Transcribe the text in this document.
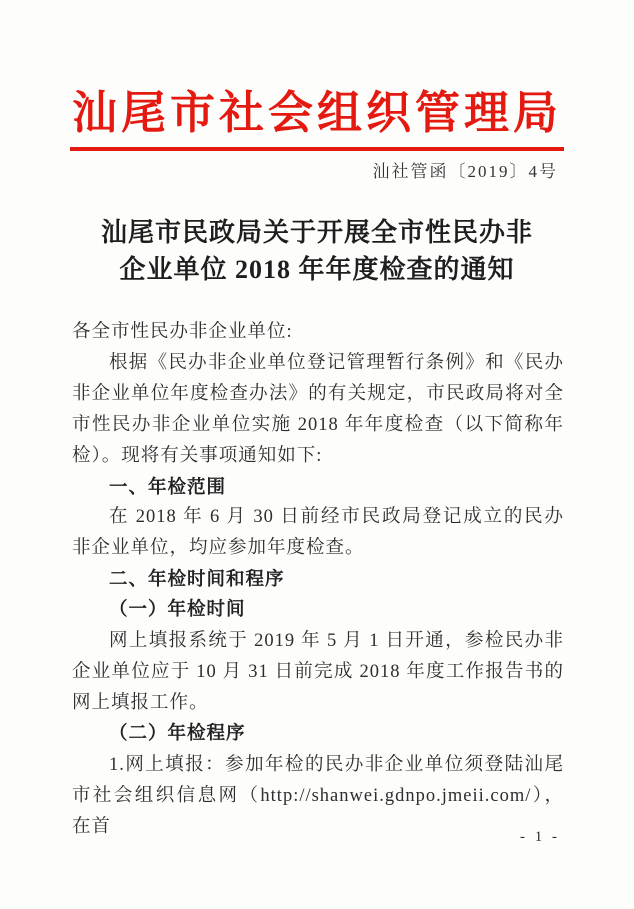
汕尾市社会组织管理局
汕社管函〔2019〕4号
汕尾市民政局关于开展全市性民办非
企业单位 2018 年年度检查的通知

各全市性民办非企业单位:

根据《民办非企业单位登记管理暂行条例》和《民办非企业单位年度检查办法》的有关规定，市民政局将对全市性民办非企业单位实施 2018 年年度检查（以下简称年检）。现将有关事项通知如下:

一、年检范围

在 2018 年 6 月 30 日前经市民政局登记成立的民办非企业单位，均应参加年度检查。

二、年检时间和程序

（一）年检时间

网上填报系统于 2019 年 5 月 1 日开通，参检民办非企业单位应于 10 月 31 日前完成 2018 年度工作报告书的网上填报工作。

（二）年检程序

1.网上填报：参加年检的民办非企业单位须登陆汕尾市社会组织信息网（http://shanwei.gdnpo.jmeii.com/），在首

- 1 -
